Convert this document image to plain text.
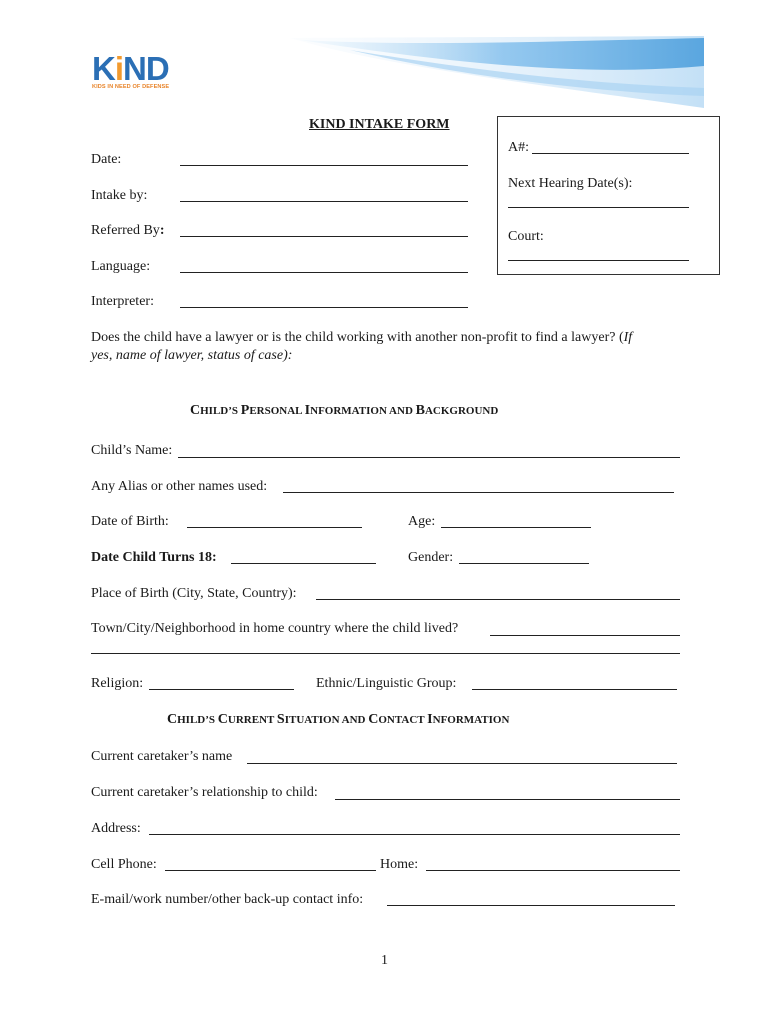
KiND
KIDS IN NEED OF DEFENSE
KIND INTAKE FORM
Date:
Intake by:
Referred By:
Language:
Interpreter:
A#:
Next Hearing Date(s):
Court:
Does the child have a lawyer or is the child working with another non-profit to find a lawyer? (If
yes, name of lawyer, status of case):
CHILD’S PERSONAL INFORMATION AND BACKGROUND
Child’s Name:
Any Alias or other names used:
Date of Birth:	Age:
Date Child Turns 18:	Gender:
Place of Birth (City, State, Country):
Town/City/Neighborhood in home country where the child lived?
Religion:	Ethnic/Linguistic Group:
CHILD’S CURRENT SITUATION AND CONTACT INFORMATION
Current caretaker’s name
Current caretaker’s relationship to child:
Address:
Cell Phone:	Home:
E-mail/work number/other back-up contact info:
1
